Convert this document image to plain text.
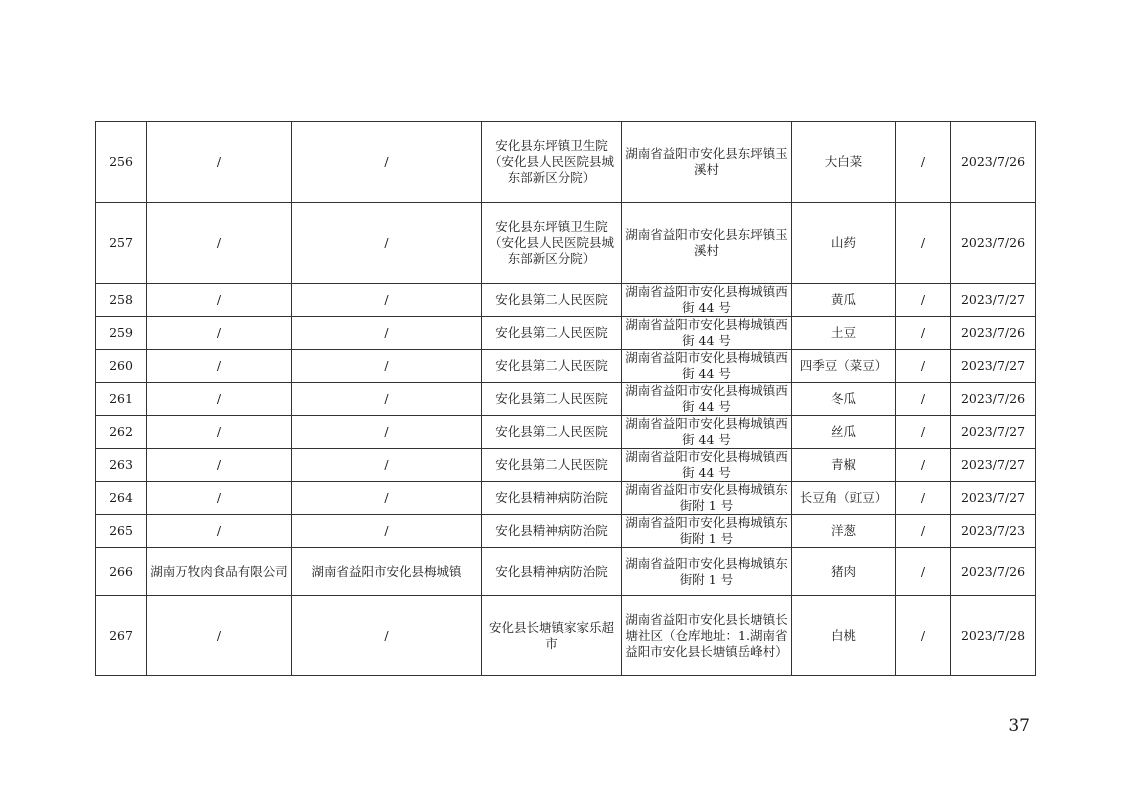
256	/	/	安化县东坪镇卫生院（安化县人民医院县城东部新区分院）	湖南省益阳市安化县东坪镇玉溪村	大白菜	/	2023/7/26
257	/	/	安化县东坪镇卫生院（安化县人民医院县城东部新区分院）	湖南省益阳市安化县东坪镇玉溪村	山药	/	2023/7/26
258	/	/	安化县第二人民医院	湖南省益阳市安化县梅城镇西街 44 号	黄瓜	/	2023/7/27
259	/	/	安化县第二人民医院	湖南省益阳市安化县梅城镇西街 44 号	土豆	/	2023/7/26
260	/	/	安化县第二人民医院	湖南省益阳市安化县梅城镇西街 44 号	四季豆（菜豆）	/	2023/7/27
261	/	/	安化县第二人民医院	湖南省益阳市安化县梅城镇西街 44 号	冬瓜	/	2023/7/26
262	/	/	安化县第二人民医院	湖南省益阳市安化县梅城镇西街 44 号	丝瓜	/	2023/7/27
263	/	/	安化县第二人民医院	湖南省益阳市安化县梅城镇西街 44 号	青椒	/	2023/7/27
264	/	/	安化县精神病防治院	湖南省益阳市安化县梅城镇东街附 1 号	长豆角（豇豆）	/	2023/7/27
265	/	/	安化县精神病防治院	湖南省益阳市安化县梅城镇东街附 1 号	洋葱	/	2023/7/23
266	湖南万牧肉食品有限公司	湖南省益阳市安化县梅城镇	安化县精神病防治院	湖南省益阳市安化县梅城镇东街附 1 号	猪肉	/	2023/7/26
267	/	/	安化县长塘镇家家乐超市	湖南省益阳市安化县长塘镇长塘社区（仓库地址：1.湖南省益阳市安化县长塘镇岳峰村）	白桃	/	2023/7/28
37
